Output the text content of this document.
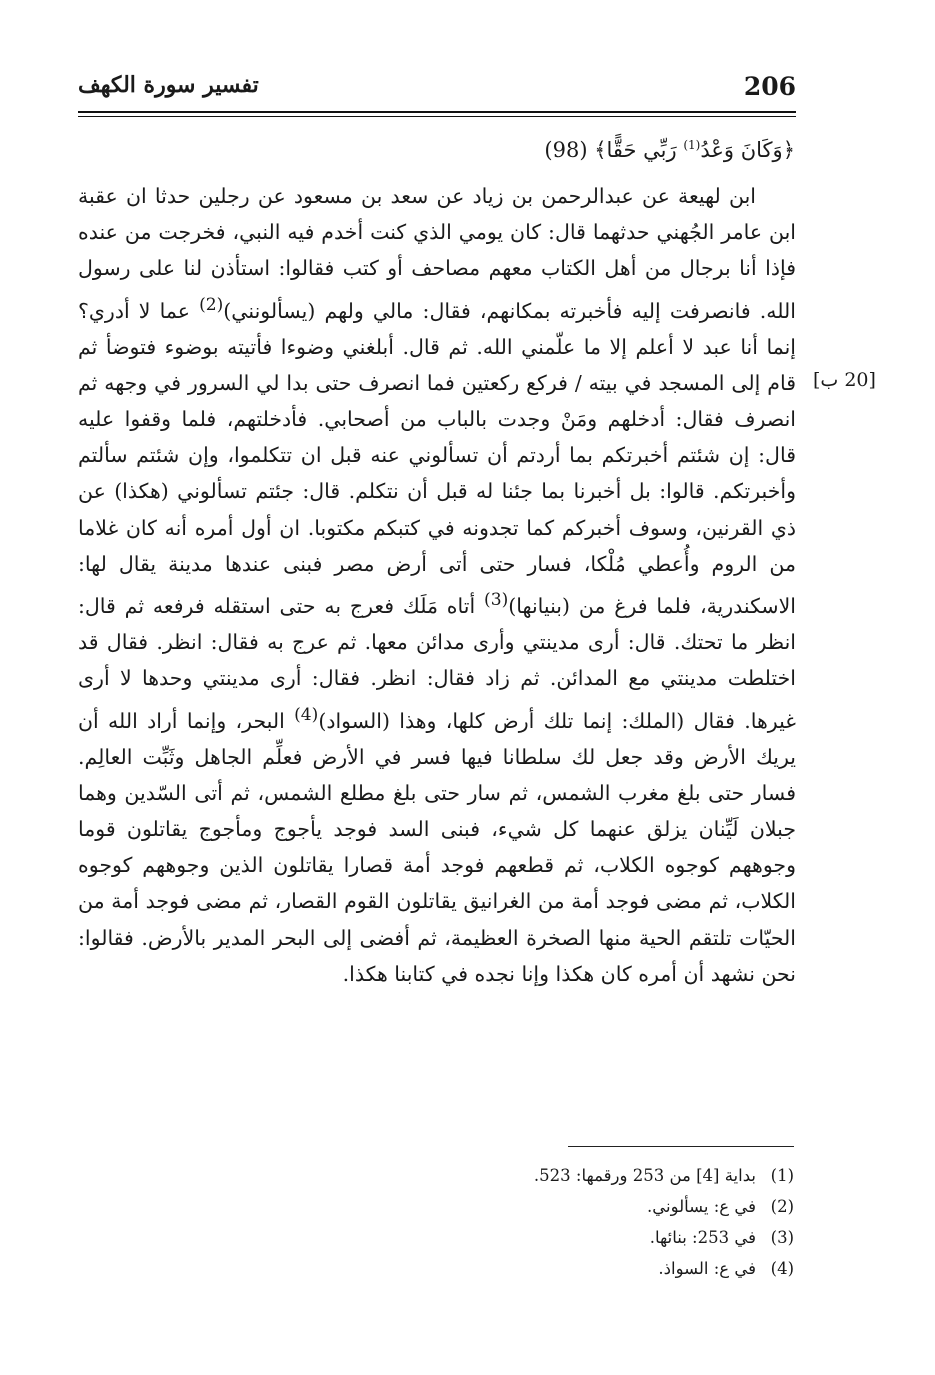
206
تفسير سورة الكهف
﴿وَكَانَ وَعْدُ$^{(1)}$ رَبِّي حَقًّا﴾ (98)
[20 ب]

ابن لهيعة عن عبدالرحمن بن زياد عن سعد بن مسعود عن رجلين حدثا ان عقبة ابن عامر الجُهني حدثهما قال: كان يومي الذي كنت أخدم فيه النبي، فخرجت من عنده فإذا أنا برجال من أهل الكتاب معهم مصاحف أو كتب فقالوا: استأذن لنا على رسول الله. فانصرفت إليه فأخبرته بمكانهم، فقال: مالي ولهم (يسألونني)$^{(2)}$ عما لا أدري؟ إنما أنا عبد لا أعلم إلا ما علّمني الله. ثم قال. أبلغني وضوءا فأتيته بوضوء فتوضأ ثم قام إلى المسجد في بيته / فركع ركعتين فما انصرف حتى بدا لي السرور في وجهه ثم انصرف فقال: أدخلهم ومَنْ وجدت بالباب من أصحابي. فأدخلتهم، فلما وقفوا عليه قال: إن شئتم أخبرتكم بما أردتم أن تسألوني عنه قبل ان تتكلموا، وإن شئتم سألتم وأخبرتكم. قالوا: بل أخبرنا بما جئنا له قبل أن نتكلم. قال: جئتم تسألوني (هكذا) عن ذي القرنين، وسوف أخبركم كما تجدونه في كتبكم مكتوبا. ان أول أمره أنه كان غلاما من الروم وأُعطي مُلْكا، فسار حتى أتى أرض مصر فبنى عندها مدينة يقال لها: الاسكندرية، فلما فرغ من (بنيانها)$^{(3)}$ أتاه مَلَك فعرج به حتى استقله فرفعه ثم قال: انظر ما تحتك. قال: أرى مدينتي وأرى مدائن معها. ثم عرج به فقال: انظر. فقال قد اختلطت مدينتي مع المدائن. ثم زاد فقال: انظر. فقال: أرى مدينتي وحدها لا أرى غيرها. فقال (الملك: إنما تلك أرض كلها، وهذا (السواد)$^{(4)}$ البحر، وإنما أراد الله أن يريك الأرض وقد جعل لك سلطانا فيها فسر في الأرض فعلِّم الجاهل وثَبِّت العالِم. فسار حتى بلغ مغرب الشمس، ثم سار حتى بلغ مطلع الشمس، ثم أتى السّدين وهما جبلان لَيِّنان يزلق عنهما كل شيء، فبنى السد فوجد يأجوج ومأجوج يقاتلون قوما وجوههم كوجوه الكلاب، ثم قطعهم فوجد أمة قصارا يقاتلون الذين وجوههم كوجوه الكلاب، ثم مضى فوجد أمة من الغرانيق يقاتلون القوم القصار، ثم مضى فوجد أمة من الحيّات تلتقم الحية منها الصخرة العظيمة، ثم أفضى إلى البحر المدير بالأرض. فقالوا: نحن نشهد أن أمره كان هكذا وإنا نجده في كتابنا هكذا.

(1)
بداية [4] من 253 ورقمها: 523.
(2)
في ع: يسألوني.
(3)
في 253: بنائها.
(4)
في ع: السواذ.
